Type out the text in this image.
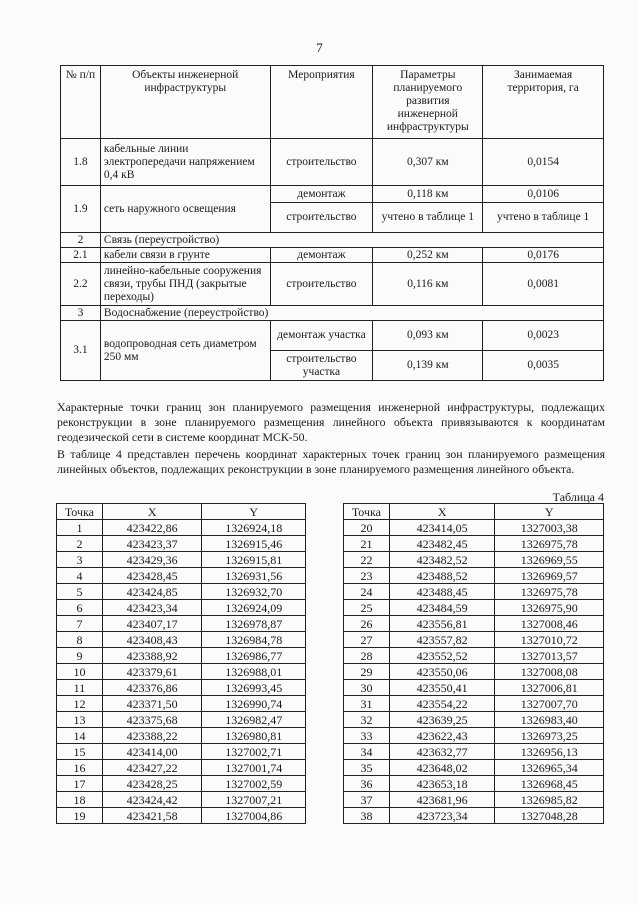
7
№ п/п	Объекты инженерной инфраструктуры	Мероприятия	Параметры планируемого развития инженерной инфраструктуры	Занимаемая территория, га
1.8	кабельные линии электропередачи напряжением 0,4 кВ	строительство	0,307 км	0,0154
1.9	сеть наружного освещения	демонтаж	0,118 км	0,0106
		строительство	учтено в таблице 1	учтено в таблице 1
2	Связь (переустройство)			
2.1	кабели связи в грунте	демонтаж	0,252 км	0,0176
2.2	линейно-кабельные сооружения связи, трубы ПНД (закрытые переходы)	строительство	0,116 км	0,0081
3	Водоснабжение (переустройство)			
3.1	водопроводная сеть диаметром 250 мм	демонтаж участка	0,093 км	0,0023
		строительство участка	0,139 км	0,0035

Характерные точки границ зон планируемого размещения инженерной инфраструктуры, подлежащих реконструкции в зоне планируемого размещения линейного объекта привязываются к координатам геодезической сети в системе координат МСК-50.

В таблице 4 представлен перечень координат характерных точек границ зон планируемого размещения линейных объектов, подлежащих реконструкции в зоне планируемого размещения линейного объекта.

Таблица 4
Точка	X	Y
1	423422,86	1326924,18
2	423423,37	1326915,46
3	423429,36	1326915,81
4	423428,45	1326931,56
5	423424,85	1326932,70
6	423423,34	1326924,09
7	423407,17	1326978,87
8	423408,43	1326984,78
9	423388,92	1326986,77
10	423379,61	1326988,01
11	423376,86	1326993,45
12	423371,50	1326990,74
13	423375,68	1326982,47
14	423388,22	1326980,81
15	423414,00	1327002,71
16	423427,22	1327001,74
17	423428,25	1327002,59
18	423424,42	1327007,21
19	423421,58	1327004,86
Точка	X	Y
20	423414,05	1327003,38
21	423482,45	1326975,78
22	423482,52	1326969,55
23	423488,52	1326969,57
24	423488,45	1326975,78
25	423484,59	1326975,90
26	423556,81	1327008,46
27	423557,82	1327010,72
28	423552,52	1327013,57
29	423550,06	1327008,08
30	423550,41	1327006,81
31	423554,22	1327007,70
32	423639,25	1326983,40
33	423622,43	1326973,25
34	423632,77	1326956,13
35	423648,02	1326965,34
36	423653,18	1326968,45
37	423681,96	1326985,82
38	423723,34	1327048,28
